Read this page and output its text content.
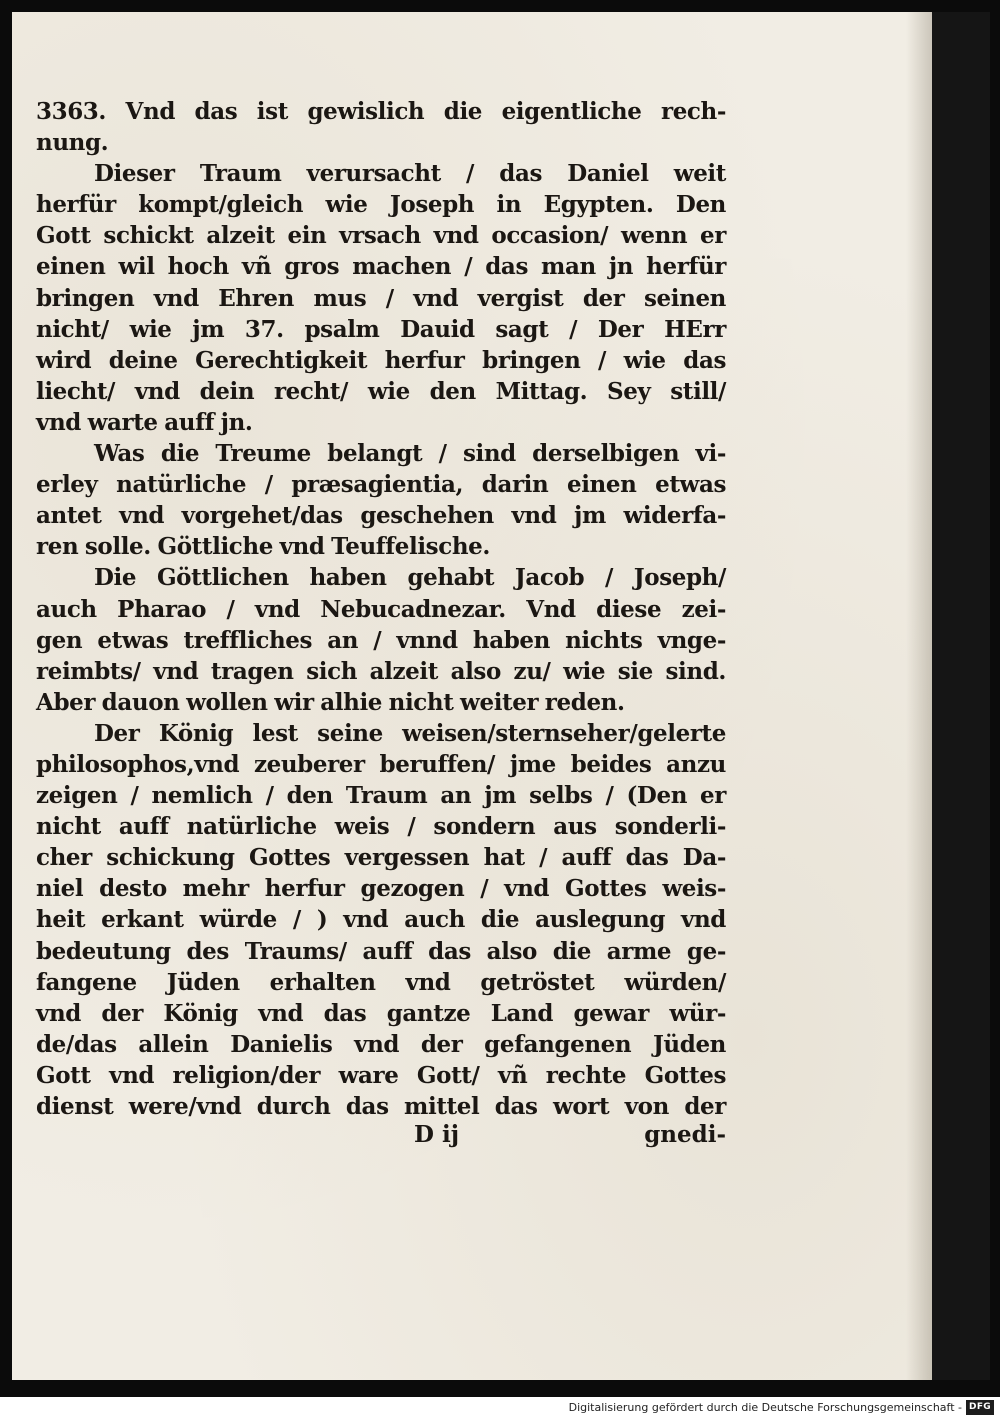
3363. Vnd das ist gewislich die eigentliche rech-
nung.
Dieser Traum verursacht / das Daniel weit
herfür kompt/gleich wie Joseph in Egypten. Den
Gott schickt alzeit ein vrsach vnd occasion/ wenn er
einen wil hoch vñ gros machen / das man jn herfür
bringen vnd Ehren mus / vnd vergist der seinen
nicht/ wie jm 37. psalm Dauid sagt / Der HErr
wird deine Gerechtigkeit herfur bringen / wie das
liecht/ vnd dein recht/ wie den Mittag. Sey still/
vnd warte auff jn.
Was die Treume belangt / sind derselbigen vi-
erley natürliche / præsagientia, darin einen etwas
antet vnd vorgehet/das geschehen vnd jm widerfa-
ren solle. Göttliche vnd Teuffelische.
Die Göttlichen haben gehabt Jacob / Joseph/
auch Pharao / vnd Nebucadnezar. Vnd diese zei-
gen etwas treffliches an / vnnd haben nichts vnge-
reimbts/ vnd tragen sich alzeit also zu/ wie sie sind.
Aber dauon wollen wir alhie nicht weiter reden.
Der König lest seine weisen/sternseher/gelerte
philosophos,vnd zeuberer beruffen/ jme beides anzu
zeigen / nemlich / den Traum an jm selbs / (Den er
nicht auff natürliche weis / sondern aus sonderli-
cher schickung Gottes vergessen hat / auff das Da-
niel desto mehr herfur gezogen / vnd Gottes weis-
heit erkant würde / ) vnd auch die auslegung vnd
bedeutung des Traums/ auff das also die arme ge-
fangene Jüden erhalten vnd getröstet würden/
vnd der König vnd das gantze Land gewar wür-
de/das allein Danielis vnd der gefangenen Jüden
Gott vnd religion/der ware Gott/ vñ rechte Gottes
dienst were/vnd durch das mittel das wort von der
D ij	gnedi-
Digitalisierung gefördert durch die Deutsche Forschungsgemeinschaft - DFG
